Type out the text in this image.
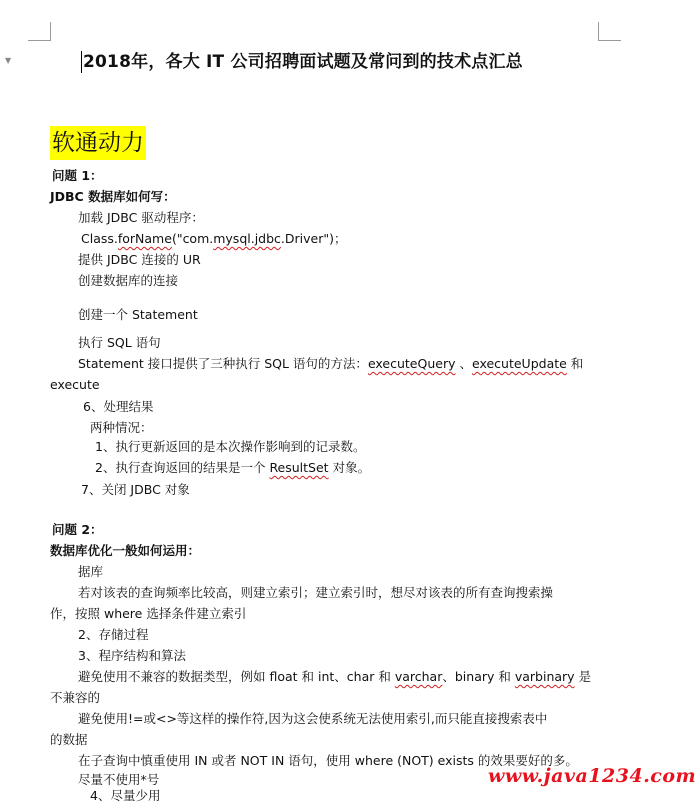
▼	2018年，各大 IT 公司招聘面试题及常问到的技术点汇总
软通动力
问题 1：
JDBC 数据库如何写：
加载 JDBC 驱动程序：
Class.forName("com.mysql.jdbc.Driver")；
提供 JDBC 连接的 UR
创建数据库的连接
创建一个 Statement
执行 SQL 语句
Statement 接口提供了三种执行 SQL 语句的方法：executeQuery 、executeUpdate 和
execute
6、处理结果
两种情况：
1、执行更新返回的是本次操作影响到的记录数。
2、执行查询返回的结果是一个 ResultSet 对象。
7、关闭 JDBC 对象
问题 2：
数据库优化一般如何运用：
据库
若对该表的查询频率比较高，则建立索引；建立索引时，想尽对该表的所有查询搜索操
作，按照 where 选择条件建立索引
2、存储过程
3、程序结构和算法
避免使用不兼容的数据类型，例如 float 和 int、char 和 varchar、binary 和 varbinary 是
不兼容的
避免使用!=或<>等这样的操作符,因为这会使系统无法使用索引,而只能直接搜索表中
的数据
在子查询中慎重使用 IN 或者 NOT IN 语句，使用 where (NOT) exists 的效果要好的多。
尽量不使用*号
4、尽量少用
www.java1234.com
